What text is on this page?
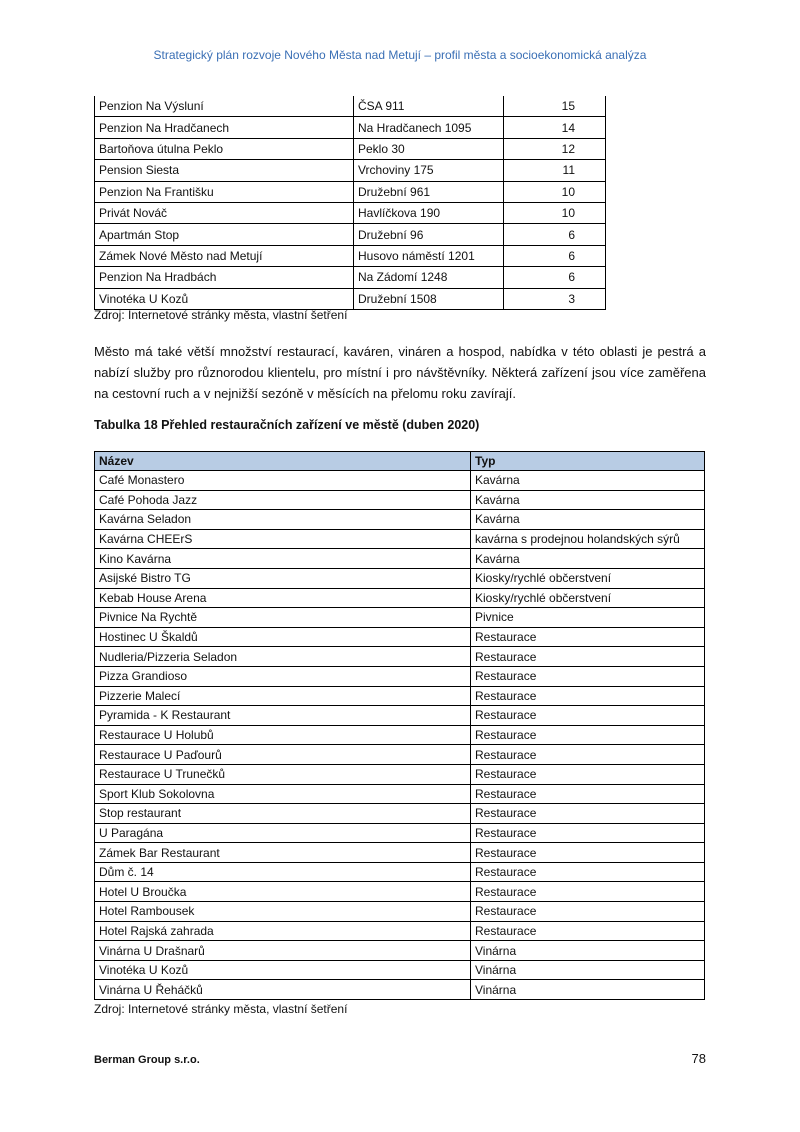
Strategický plán rozvoje Nového Města nad Metují – profil města a socioekonomická analýza
Penzion Na Výsluní	ČSA 911	15
Penzion Na Hradčanech	Na Hradčanech 1095	14
Bartoňova útulna Peklo	Peklo 30	12
Pension Siesta	Vrchoviny 175	11
Penzion Na Františku	Družební 961	10
Privát Nováč	Havlíčkova 190	10
Apartmán Stop	Družební 96	6
Zámek Nové Město nad Metují	Husovo náměstí 1201	6
Penzion Na Hradbách	Na Zádomí 1248	6
Vinotéka U Kozů	Družební 1508	3
Zdroj: Internetové stránky města, vlastní šetření
Město má také větší množství restaurací, kaváren, vináren a hospod, nabídka v této oblasti je pestrá a nabízí služby pro různorodou klientelu, pro místní i pro návštěvníky. Některá zařízení jsou více zaměřena na cestovní ruch a v nejnižší sezóně v měsících na přelomu roku zavírají.
Tabulka 18 Přehled restauračních zařízení ve městě (duben 2020)
Název	Typ
Café Monastero	Kavárna
Café Pohoda Jazz	Kavárna
Kavárna Seladon	Kavárna
Kavárna CHEErS	kavárna s prodejnou holandských sýrů
Kino Kavárna	Kavárna
Asijské Bistro TG	Kiosky/rychlé občerstvení
Kebab House Arena	Kiosky/rychlé občerstvení
Pivnice Na Rychtě	Pivnice
Hostinec U Škaldů	Restaurace
Nudleria/Pizzeria Seladon	Restaurace
Pizza Grandioso	Restaurace
Pizzerie Malecí	Restaurace
Pyramida - K Restaurant	Restaurace
Restaurace U Holubů	Restaurace
Restaurace U Paďourů	Restaurace
Restaurace U Trunečků	Restaurace
Sport Klub Sokolovna	Restaurace
Stop restaurant	Restaurace
U Paragána	Restaurace
Zámek Bar Restaurant	Restaurace
Dům č. 14	Restaurace
Hotel U Broučka	Restaurace
Hotel Rambousek	Restaurace
Hotel Rajská zahrada	Restaurace
Vinárna U Drašnarů	Vinárna
Vinotéka U Kozů	Vinárna
Vinárna U Řeháčků	Vinárna
Zdroj: Internetové stránky města, vlastní šetření
Berman Group s.r.o.	78
